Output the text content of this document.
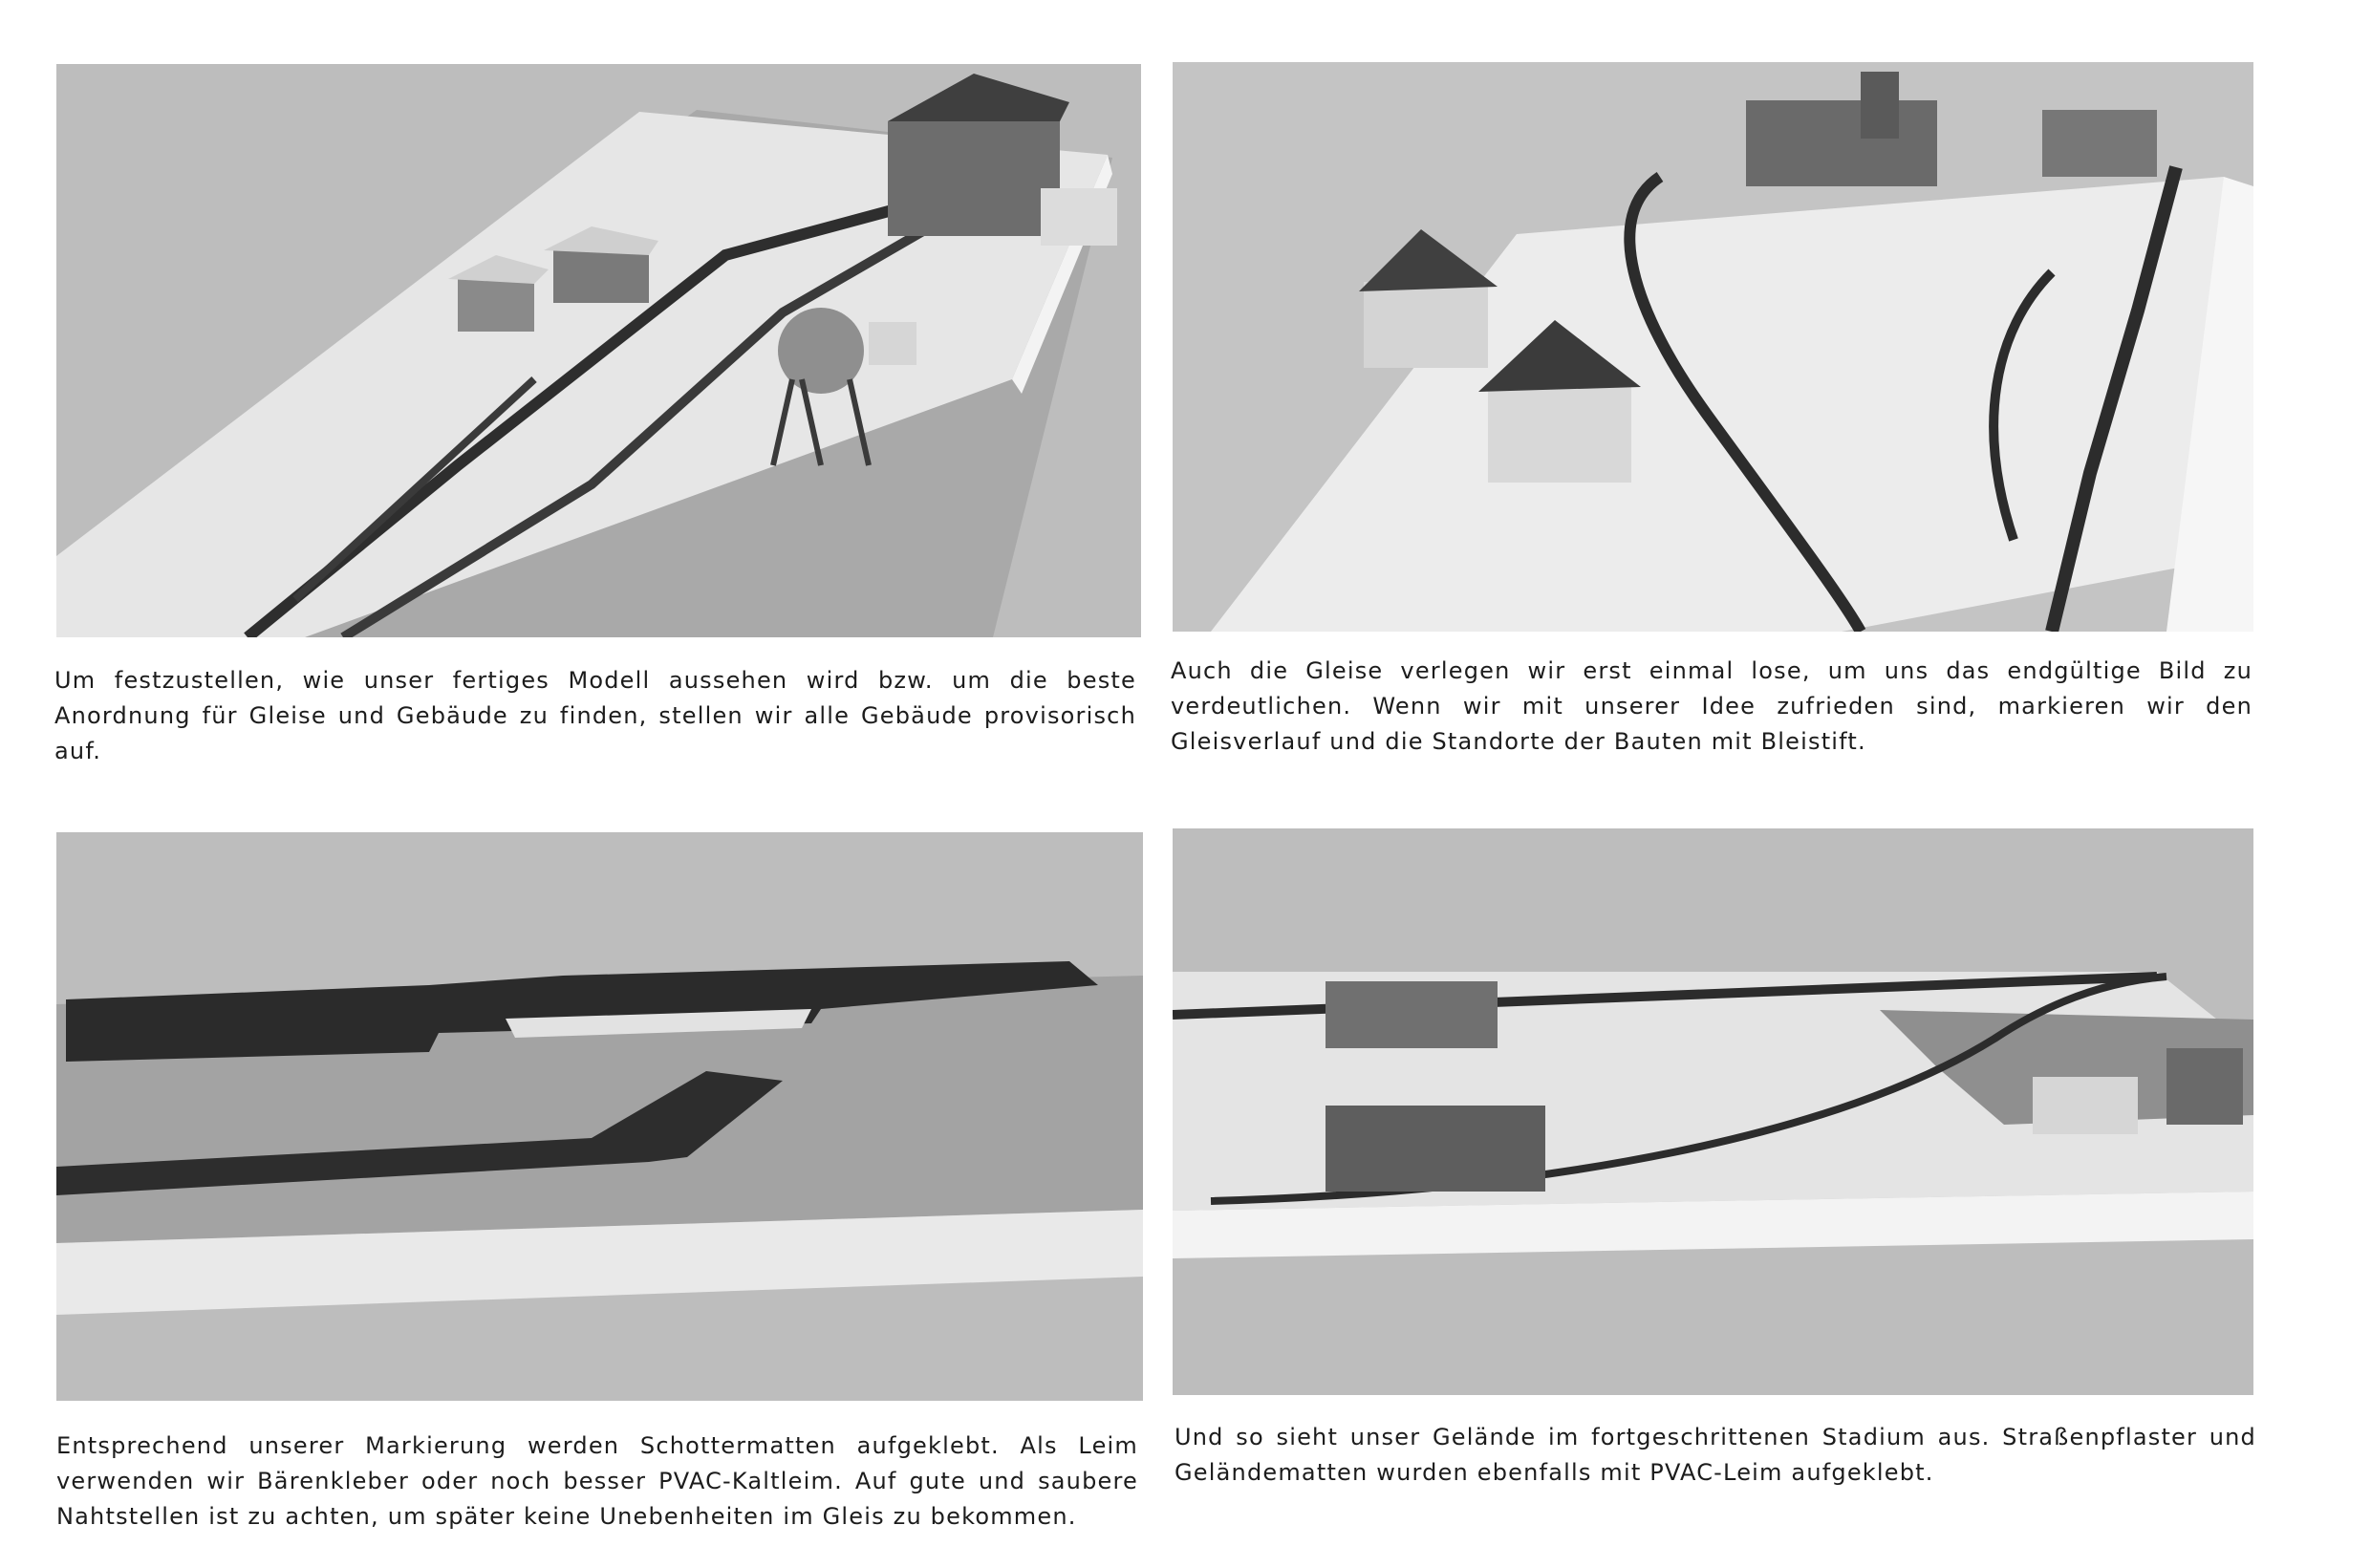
Um festzustellen, wie unser fertiges Modell aussehen wird bzw. um die beste Anordnung für Gleise und Gebäude zu finden, stellen wir alle Gebäude provisorisch auf.

Auch die Gleise verlegen wir erst einmal lose, um uns das endgültige Bild zu verdeutlichen. Wenn wir mit unserer Idee zufrieden sind, markieren wir den Gleisverlauf und die Standorte der Bauten mit Bleistift.

Entsprechend unserer Markierung werden Schottermatten aufgeklebt. Als Leim verwenden wir Bärenkleber oder noch besser PVAC-Kaltleim. Auf gute und saubere Nahtstellen ist zu achten, um später keine Unebenheiten im Gleis zu bekommen.

Und so sieht unser Gelände im fortgeschrittenen Stadium aus. Straßenpflaster und Geländematten wurden ebenfalls mit PVAC-Leim aufgeklebt.
